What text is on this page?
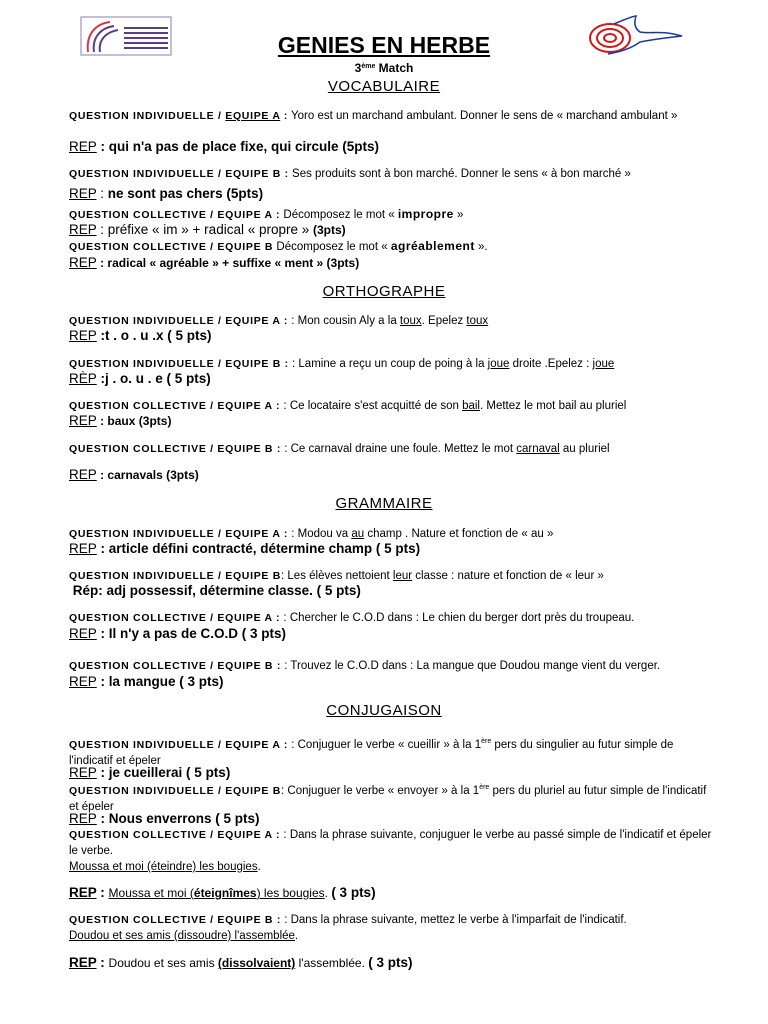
GENIES EN HERBE
3ème Match
VOCABULAIRE
QUESTION INDIVIDUELLE / EQUIPE A : Yoro est un marchand ambulant. Donner le sens de « marchand ambulant »
REP : qui n'a pas de place fixe, qui circule (5pts)
QUESTION INDIVIDUELLE / EQUIPE B : Ses produits sont à bon marché. Donner le sens « à bon marché »
REP : ne sont pas chers (5pts)
QUESTION COLLECTIVE / EQUIPE A : Décomposez le mot « impropre »
REP : préfixe « im » + radical « propre » (3pts)
QUESTION COLLECTIVE / EQUIPE B Décomposez le mot « agréablement ».
REP : radical « agréable » + suffixe « ment » (3pts)
ORTHOGRAPHE
QUESTION INDIVIDUELLE / EQUIPE A : : Mon cousin Aly a la toux. Epelez toux
REP :t . o . u .x ( 5 pts)
QUESTION INDIVIDUELLE / EQUIPE B : : Lamine a reçu un coup de poing à la joue droite .Epelez : joue
RÈP :j . o. u . e ( 5 pts)
QUESTION COLLECTIVE / EQUIPE A : : Ce locataire s'est acquitté de son bail. Mettez le mot bail au pluriel
REP : baux (3pts)
QUESTION COLLECTIVE / EQUIPE B : : Ce carnaval draine une foule. Mettez le mot carnaval au pluriel
REP : carnavals (3pts)
GRAMMAIRE
QUESTION INDIVIDUELLE / EQUIPE A : : Modou va au champ . Nature et fonction de « au »
REP : article défini contracté, détermine champ ( 5 pts)
QUESTION INDIVIDUELLE / EQUIPE B: Les élèves nettoient leur classe : nature et fonction de « leur »
Rép: adj possessif, détermine classe. ( 5 pts)
QUESTION COLLECTIVE / EQUIPE A : : Chercher le C.O.D dans : Le chien du berger dort près du troupeau.
REP : Il n'y a pas de C.O.D ( 3 pts)
QUESTION COLLECTIVE / EQUIPE B : : Trouvez le C.O.D dans : La mangue que Doudou mange vient du verger.
REP : la mangue ( 3 pts)
CONJUGAISON
QUESTION INDIVIDUELLE / EQUIPE A : : Conjuguer le verbe « cueillir » à la 1ère pers du singulier au futur simple de l'indicatif et épeler
REP : je cueillerai ( 5 pts)
QUESTION INDIVIDUELLE / EQUIPE B: Conjuguer le verbe « envoyer » à la 1ère pers du pluriel au futur simple de l'indicatif et épeler
REP : Nous enverrons ( 5 pts)
QUESTION COLLECTIVE / EQUIPE A : : Dans la phrase suivante, conjuguer le verbe au passé simple de l'indicatif et épeler le verbe.
Moussa et moi (éteindre) les bougies.
REP : Moussa et moi (éteignîmes) les bougies. ( 3 pts)
QUESTION COLLECTIVE / EQUIPE B : : Dans la phrase suivante, mettez le verbe à l'imparfait de l'indicatif.
Doudou et ses amis (dissoudre) l'assemblée.
REP : Doudou et ses amis (dissolvaient) l'assemblée. ( 3 pts)
